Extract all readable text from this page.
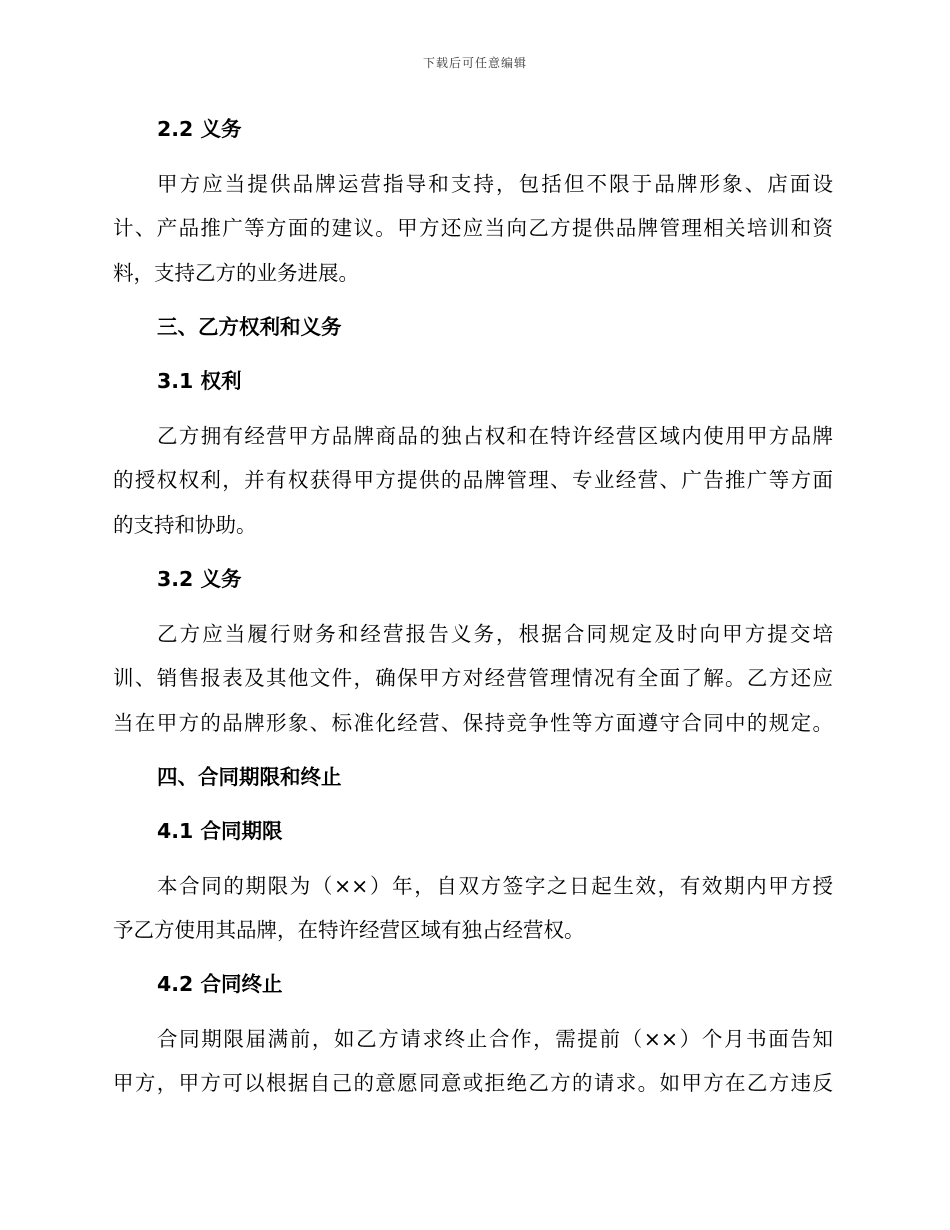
下载后可任意编辑
2.2 义务
甲方应当提供品牌运营指导和支持，包括但不限于品牌形象、店面设
计、产品推广等方面的建议。甲方还应当向乙方提供品牌管理相关培训和资
料，支持乙方的业务进展。
三、乙方权利和义务
3.1 权利
乙方拥有经营甲方品牌商品的独占权和在特许经营区域内使用甲方品牌
的授权权利，并有权获得甲方提供的品牌管理、专业经营、广告推广等方面
的支持和协助。
3.2 义务
乙方应当履行财务和经营报告义务，根据合同规定及时向甲方提交培
训、销售报表及其他文件，确保甲方对经营管理情况有全面了解。乙方还应
当在甲方的品牌形象、标准化经营、保持竞争性等方面遵守合同中的规定。
四、合同期限和终止
4.1 合同期限
本合同的期限为（××）年，自双方签字之日起生效，有效期内甲方授
予乙方使用其品牌，在特许经营区域有独占经营权。
4.2 合同终止
合同期限届满前，如乙方请求终止合作，需提前（××）个月书面告知
甲方，甲方可以根据自己的意愿同意或拒绝乙方的请求。如甲方在乙方违反
